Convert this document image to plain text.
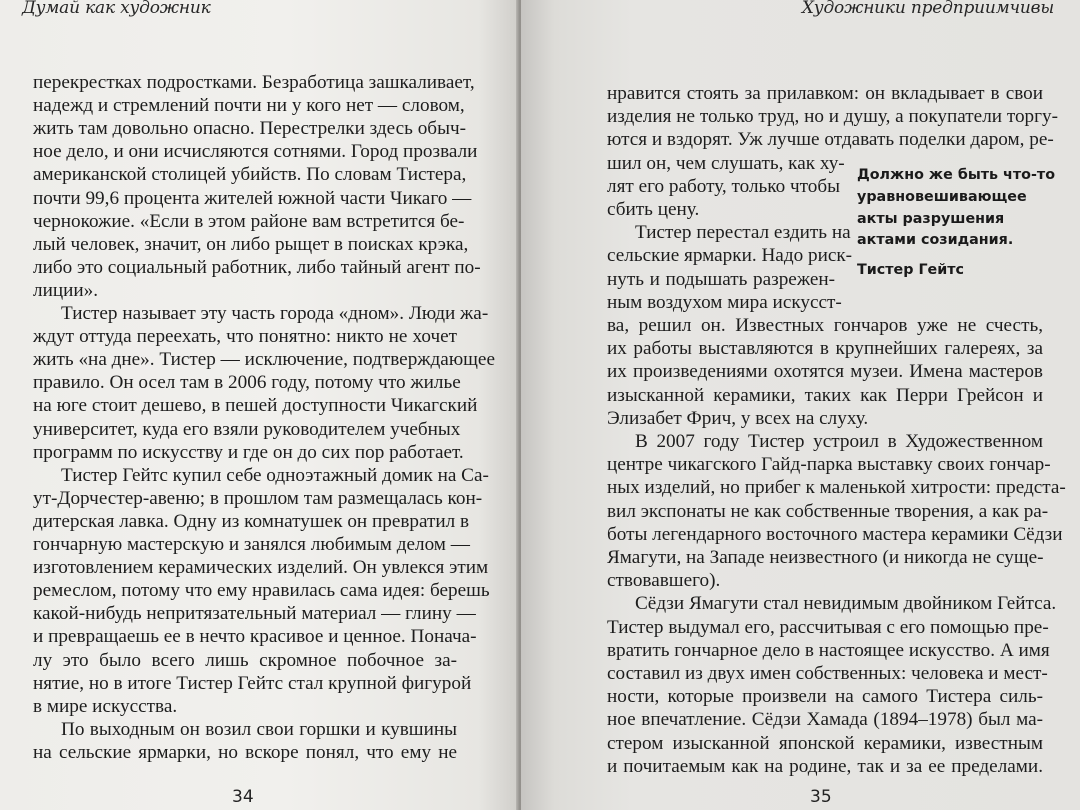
Думай как художник
перекрестках подростками. Безработица зашкаливает,
надежд и стремлений почти ни у кого нет — словом,
жить там довольно опасно. Перестрелки здесь обыч-
ное дело, и они исчисляются сотнями. Город прозвали
американской столицей убийств. По словам Тистера,
почти 99,6 процента жителей южной части Чикаго —
чернокожие. «Если в этом районе вам встретится бе-
лый человек, значит, он либо рыщет в поисках крэка,
либо это социальный работник, либо тайный агент по-
лиции».
Тистер называет эту часть города «дном». Люди жа-
ждут оттуда переехать, что понятно: никто не хочет
жить «на дне». Тистер — исключение, подтверждающее
правило. Он осел там в 2006 году, потому что жилье
на юге стоит дешево, в пешей доступности Чикагский
университет, куда его взяли руководителем учебных
программ по искусству и где он до сих пор работает.
Тистер Гейтс купил себе одноэтажный домик на Са-
ут-Дорчестер-авеню; в прошлом там размещалась кон-
дитерская лавка. Одну из комнатушек он превратил в
гончарную мастерскую и занялся любимым делом —
изготовлением керамических изделий. Он увлекся этим
ремеслом, потому что ему нравилась сама идея: берешь
какой-нибудь непритязательный материал — глину —
и превращаешь ее в нечто красивое и ценное. Понача-
лу это было всего лишь скромное побочное за-
нятие, но в итоге Тистер Гейтс стал крупной фигурой
в мире искусства.
По выходным он возил свои горшки и кувшины
на сельские ярмарки, но вскоре понял, что ему не
34
Художники предприимчивы
нравится стоять за прилавком: он вкладывает в свои
изделия не только труд, но и душу, а покупатели торгу-
ются и вздорят. Уж лучше отдавать поделки даром, ре-
шил он, чем слушать, как ху-
лят его работу, только чтобы
сбить цену.
Тистер перестал ездить на
сельские ярмарки. Надо риск-
нуть и подышать разрежен-
ным воздухом мира искусст-
ва, решил он. Известных гончаров уже не счесть,
их работы выставляются в крупнейших галереях, за
их произведениями охотятся музеи. Имена мастеров
изысканной керамики, таких как Перри Грейсон и
Элизабет Фрич, у всех на слуху.
В 2007 году Тистер устроил в Художественном
центре чикагского Гайд-парка выставку своих гончар-
ных изделий, но прибег к маленькой хитрости: предста-
вил экспонаты не как собственные творения, а как ра-
боты легендарного восточного мастера керамики Сёдзи
Ямагути, на Западе неизвестного (и никогда не суще-
ствовавшего).
Сёдзи Ямагути стал невидимым двойником Гейтса.
Тистер выдумал его, рассчитывая с его помощью пре-
вратить гончарное дело в настоящее искусство. А имя
составил из двух имен собственных: человека и мест-
ности, которые произвели на самого Тистера силь-
ное впечатление. Сёдзи Хамада (1894–1978) был ма-
стером изысканной японской керамики, известным
и почитаемым как на родине, так и за ее пределами.
Должно же быть что-то
уравновешивающее
акты разрушения
актами созидания.
Тистер Гейтс
35
